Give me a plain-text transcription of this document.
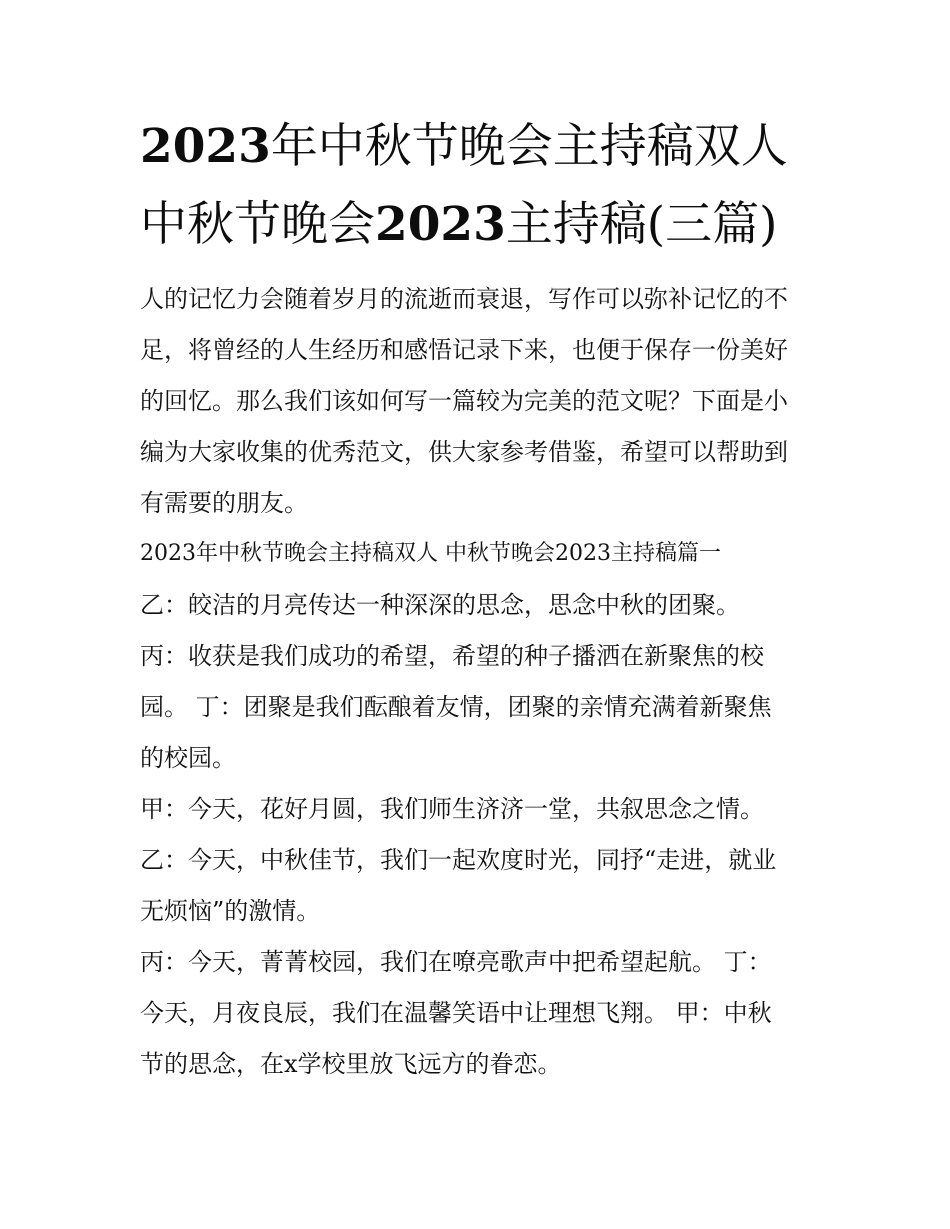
2023年中秋节晚会主持稿双人
中秋节晚会2023主持稿(三篇)

人的记忆力会随着岁月的流逝而衰退，写作可以弥补记忆的不

足，将曾经的人生经历和感悟记录下来，也便于保存一份美好

的回忆。那么我们该如何写一篇较为完美的范文呢？下面是小

编为大家收集的优秀范文，供大家参考借鉴，希望可以帮助到

有需要的朋友。

2023年中秋节晚会主持稿双人 中秋节晚会2023主持稿篇一

乙：皎洁的月亮传达一种深深的思念，思念中秋的团聚。

丙：收获是我们成功的希望，希望的种子播洒在新聚焦的校

园。 丁：团聚是我们酝酿着友情，团聚的亲情充满着新聚焦

的校园。

甲：今天，花好月圆，我们师生济济一堂，共叙思念之情。

乙：今天，中秋佳节，我们一起欢度时光，同抒“走进，就业

无烦恼”的激情。

丙：今天，菁菁校园，我们在嘹亮歌声中把希望起航。 丁：

今天，月夜良辰，我们在温馨笑语中让理想飞翔。 甲：中秋

节的思念，在x学校里放飞远方的眷恋。
